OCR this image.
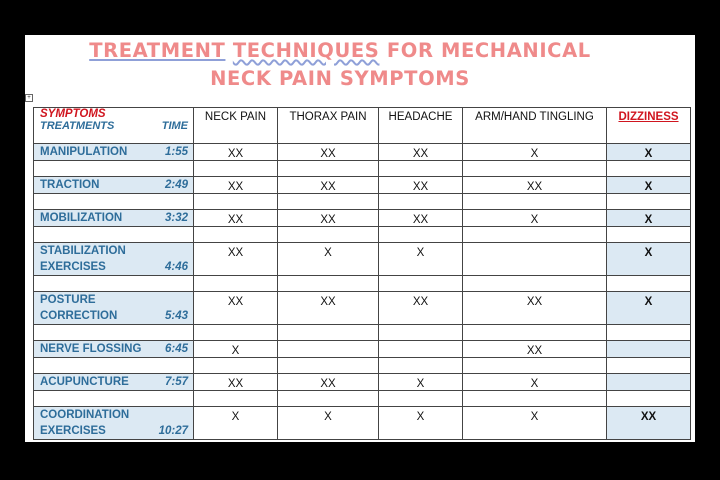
TREATMENT TECHNIQUES FOR MECHANICAL
NECK PAIN SYMPTOMS
+
SYMPTOMS
TREATMENTS TIME	NECK PAIN	THORAX PAIN	HEADACHE	ARM/HAND TINGLING	DIZZINESS

MANIPULATION 1:55	XX	XX	XX	X	X

TRACTION 2:49	XX	XX	XX	XX	X

MOBILIZATION 3:32	XX	XX	XX	X	X

STABILIZATION
EXERCISES 4:46	XX	X	X		X

POSTURE
CORRECTION 5:43	XX	XX	XX	XX	X

NERVE FLOSSING 6:45	X			XX	

ACUPUNCTURE 7:57	XX	XX	X	X	

COORDINATION
EXERCISES 10:27	X	X	X	X	XX
